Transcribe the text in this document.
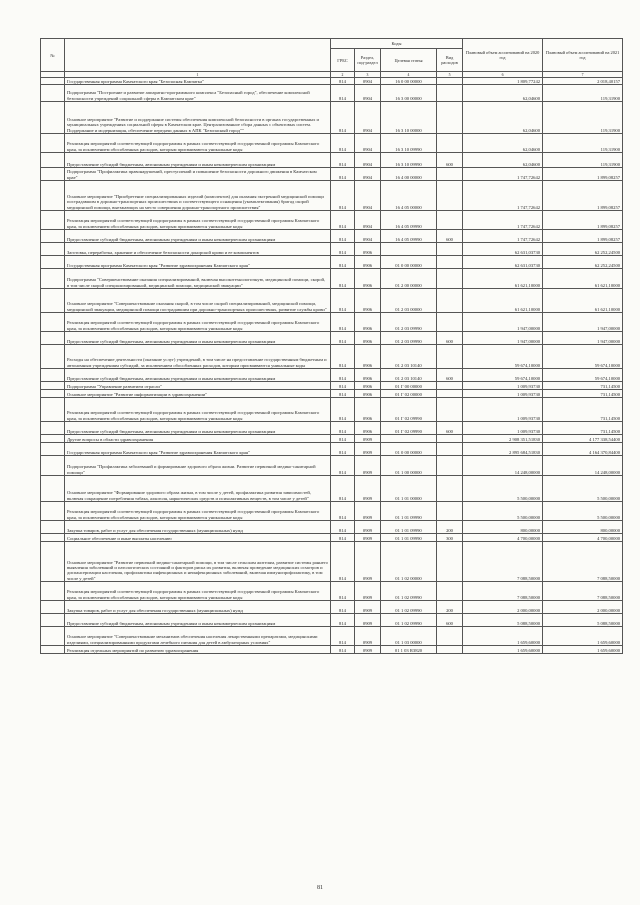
№		Коды				Плановый объем ассигнований на 2020 год	Плановый объем ассигнований на 2021 год	
		ГРБС	Раздел, под-раздел	Целевая статья	Вид расходов			
	1	2	3	4	5	6	7	
	Государственная программа Камчатского края "Безопасная Камчатка"	814	0904	16 0 00 00000		1 809,77242	2 018,40157	
	Подпрограмма "Построение и развитие аппаратно-программного комплекса "Безопасный город", обеспечение комплексной безопасности учреждений социальной сферы в Камчатском крае"	814	0904	16 3 00 00000		62,04600	119,31900	
	Основное мероприятие "Развитие и поддержание системы обеспечения комплексной безопасности в органах государственных и муниципальных учреждениях социальной сферы в Камчатском крае. Централизованное сбора данных с объектовых систем. Поддержание и модернизация, обеспечение передачи данных в АПК "Безопасный город""	814	0904	16 3 10 00000		62,04600	119,31900	
	Реализация мероприятий соответствующей подпрограммы в рамках соответствующей государственной программы Камчатского края, за исключением обособленных расходов, которым присваиваются уникальные коды	814	0904	16 3 10 09990		62,04600	119,31900	
	Предоставление субсидий бюджетным, автономным учреждениям и иным некоммерческим организациям	814	0904	16 3 10 09990	600	62,04600	119,31900	
	Подпрограмма "Профилактика правонарушений, преступлений и повышение безопасности дорожного движения в Камчатском крае"	814	0904	16 4 00 00000		1 747,72642	1 899,08257	
	Основное мероприятие "Приобретение специализированных изделий (комплектов) для оказания экстренной медицинской помощи пострадавшим в дорожно-транспортных происшествиях и соответствующего оснащения (укомплектования) бригад скорой медицинской помощи, выезжающих на место совершения дорожно-транспортного происшествия"	814	0904	16 4 05 00000		1 747,72642	1 899,08257	
	Реализация мероприятий соответствующей подпрограммы в рамках соответствующей государственной программы Камчатского края, за исключением обособленных расходов, которым присваиваются уникальные коды	814	0904	16 4 05 09990		1 747,72642	1 899,08257	
	Предоставление субсидий бюджетным, автономным учреждениям и иным некоммерческим организациям	814	0904	16 4 05 09990	600	1 747,72642	1 899,08257	
	Заготовка, переработка, хранение и обеспечение безопасности донорской крови и ее компонентов	814	0906			62 631,03730	62 252,24500	
	Государственная программа Камчатского края "Развитие здравоохранения Камчатского края"	814	0906	01 0 00 00000		62 631,03730	62 252,24500	
	Подпрограмма "Совершенствование оказания специализированной, включая высокотехнологичную, медицинской помощи, скорой, в том числе скорой специализированной, медицинской помощи, медицинской эвакуации"	814	0906	01 2 00 00000		61 621,10000	61 621,10000	
	Основное мероприятие "Совершенствование оказания скорой, в том числе скорой специализированной, медицинской помощи, медицинской эвакуации, медицинской помощи пострадавшим при дорожно-транспортных происшествиях, развитие службы крови"	814	0906	01 2 03 00000		61 621,10000	61 621,10000	
	Реализация мероприятий соответствующей подпрограммы в рамках соответствующей государственной программы Камчатского края, за исключением обособленных расходов, которым присваиваются уникальные коды	814	0906	01 2 03 09990		1 947,00000	1 947,00000	
	Предоставление субсидий бюджетным, автономным учреждениям и иным некоммерческим организациям	814	0906	01 2 03 09990	600	1 947,00000	1 947,00000	
	Расходы на обеспечение деятельности (оказание услуг) учреждений, в том числе на предоставление государственным бюджетным и автономным учреждениям субсидий, за исключением обособленных расходов, которым присваиваются уникальные коды	814	0906	01 2 03 10140		59 674,10000	59 674,10000	
	Предоставление субсидий бюджетным, автономным учреждениям и иным некоммерческим организациям	814	0906	01 2 03 10140	600	59 674,10000	59 674,10000	
	Подпрограмма "Управление развитием отрасли"	814	0906	01 Г 00 00000		1 009,93730	731,14500	
	Основное мероприятие "Развитие информатизации в здравоохранении"	814	0906	01 Г 02 00000		1 009,93730	731,14500	
	Реализация мероприятий соответствующей подпрограммы в рамках соответствующей государственной программы Камчатского края, за исключением обособленных расходов, которым присваиваются уникальные коды	814	0906	01 Г 02 09990		1 009,93730	731,14500	
	Предоставление субсидий бюджетным, автономным учреждениям и иным некоммерческим организациям	814	0906	01 Г 02 09990	600	1 009,93730	731,14500	
	Другие вопросы в области здравоохранения	814	0909			2 908 351,51830	4 177 338,54400	
	Государственная программа Камчатского края "Развитие здравоохранения Камчатского края"	814	0909	01 0 00 00000		2 895 684,51830	4 164 370,84400	
	Подпрограмма "Профилактика заболеваний и формирование здорового образа жизни. Развитие первичной медико-санитарной помощи"	814	0909	01 1 00 00000		14 248,00000	14 248,00000	
	Основное мероприятие "Формирование здорового образа жизни, в том числе у детей, профилактика развития зависимостей, включая сокращение потребления табака, алкоголя, наркотических средств и психоактивных веществ, в том числе у детей"	814	0909	01 1 01 00000		5 500,00000	5 500,00000	
	Реализация мероприятий соответствующей подпрограммы в рамках соответствующей государственной программы Камчатского края, за исключением обособленных расходов, которым присваиваются уникальные коды	814	0909	01 1 01 09990		5 500,00000	5 500,00000	
	Закупка товаров, работ и услуг для обеспечения государственных (муниципальных) нужд	814	0909	01 1 01 09990	200	800,00000	800,00000	
	Социальное обеспечение и иные выплаты населению	814	0909	01 1 01 09990	300	4 700,00000	4 700,00000	
	Основное мероприятие "Развитие первичной медико-санитарной помощи, в том числе сельским жителям, развитие системы раннего выявления заболеваний и патологических состояний и факторов риска их развития, включая проведение медицинских осмотров и диспансеризации населения, профилактика инфекционных и неинфекционных заболеваний, включая иммунопрофилактику, в том числе у детей"	814	0909	01 1 02 00000		7 088,50000	7 088,50000	
	Реализация мероприятий соответствующей подпрограммы в рамках соответствующей государственной программы Камчатского края, за исключением обособленных расходов, которым присваиваются уникальные коды	814	0909	01 1 02 09990		7 088,50000	7 088,50000	
	Закупка товаров, работ и услуг для обеспечения государственных (муниципальных) нужд	814	0909	01 1 02 09990	200	2 000,00000	2 000,00000	
	Предоставление субсидий бюджетным, автономным учреждениям и иным некоммерческим организациям	814	0909	01 1 02 09990	600	5 088,50000	5 088,50000	
	Основное мероприятие "Совершенствование механизмов обеспечения населения лекарственными препаратами, медицинскими изделиями, специализированными продуктами лечебного питания для детей в амбулаторных условиях"	814	0909	01 1 03 00000		1 659,60000	1 659,60000	
	Реализация отдельных мероприятий по развитию здравоохранения	814	0909	01 1 03 R3820		1 659,60000	1 659,60000	
81
